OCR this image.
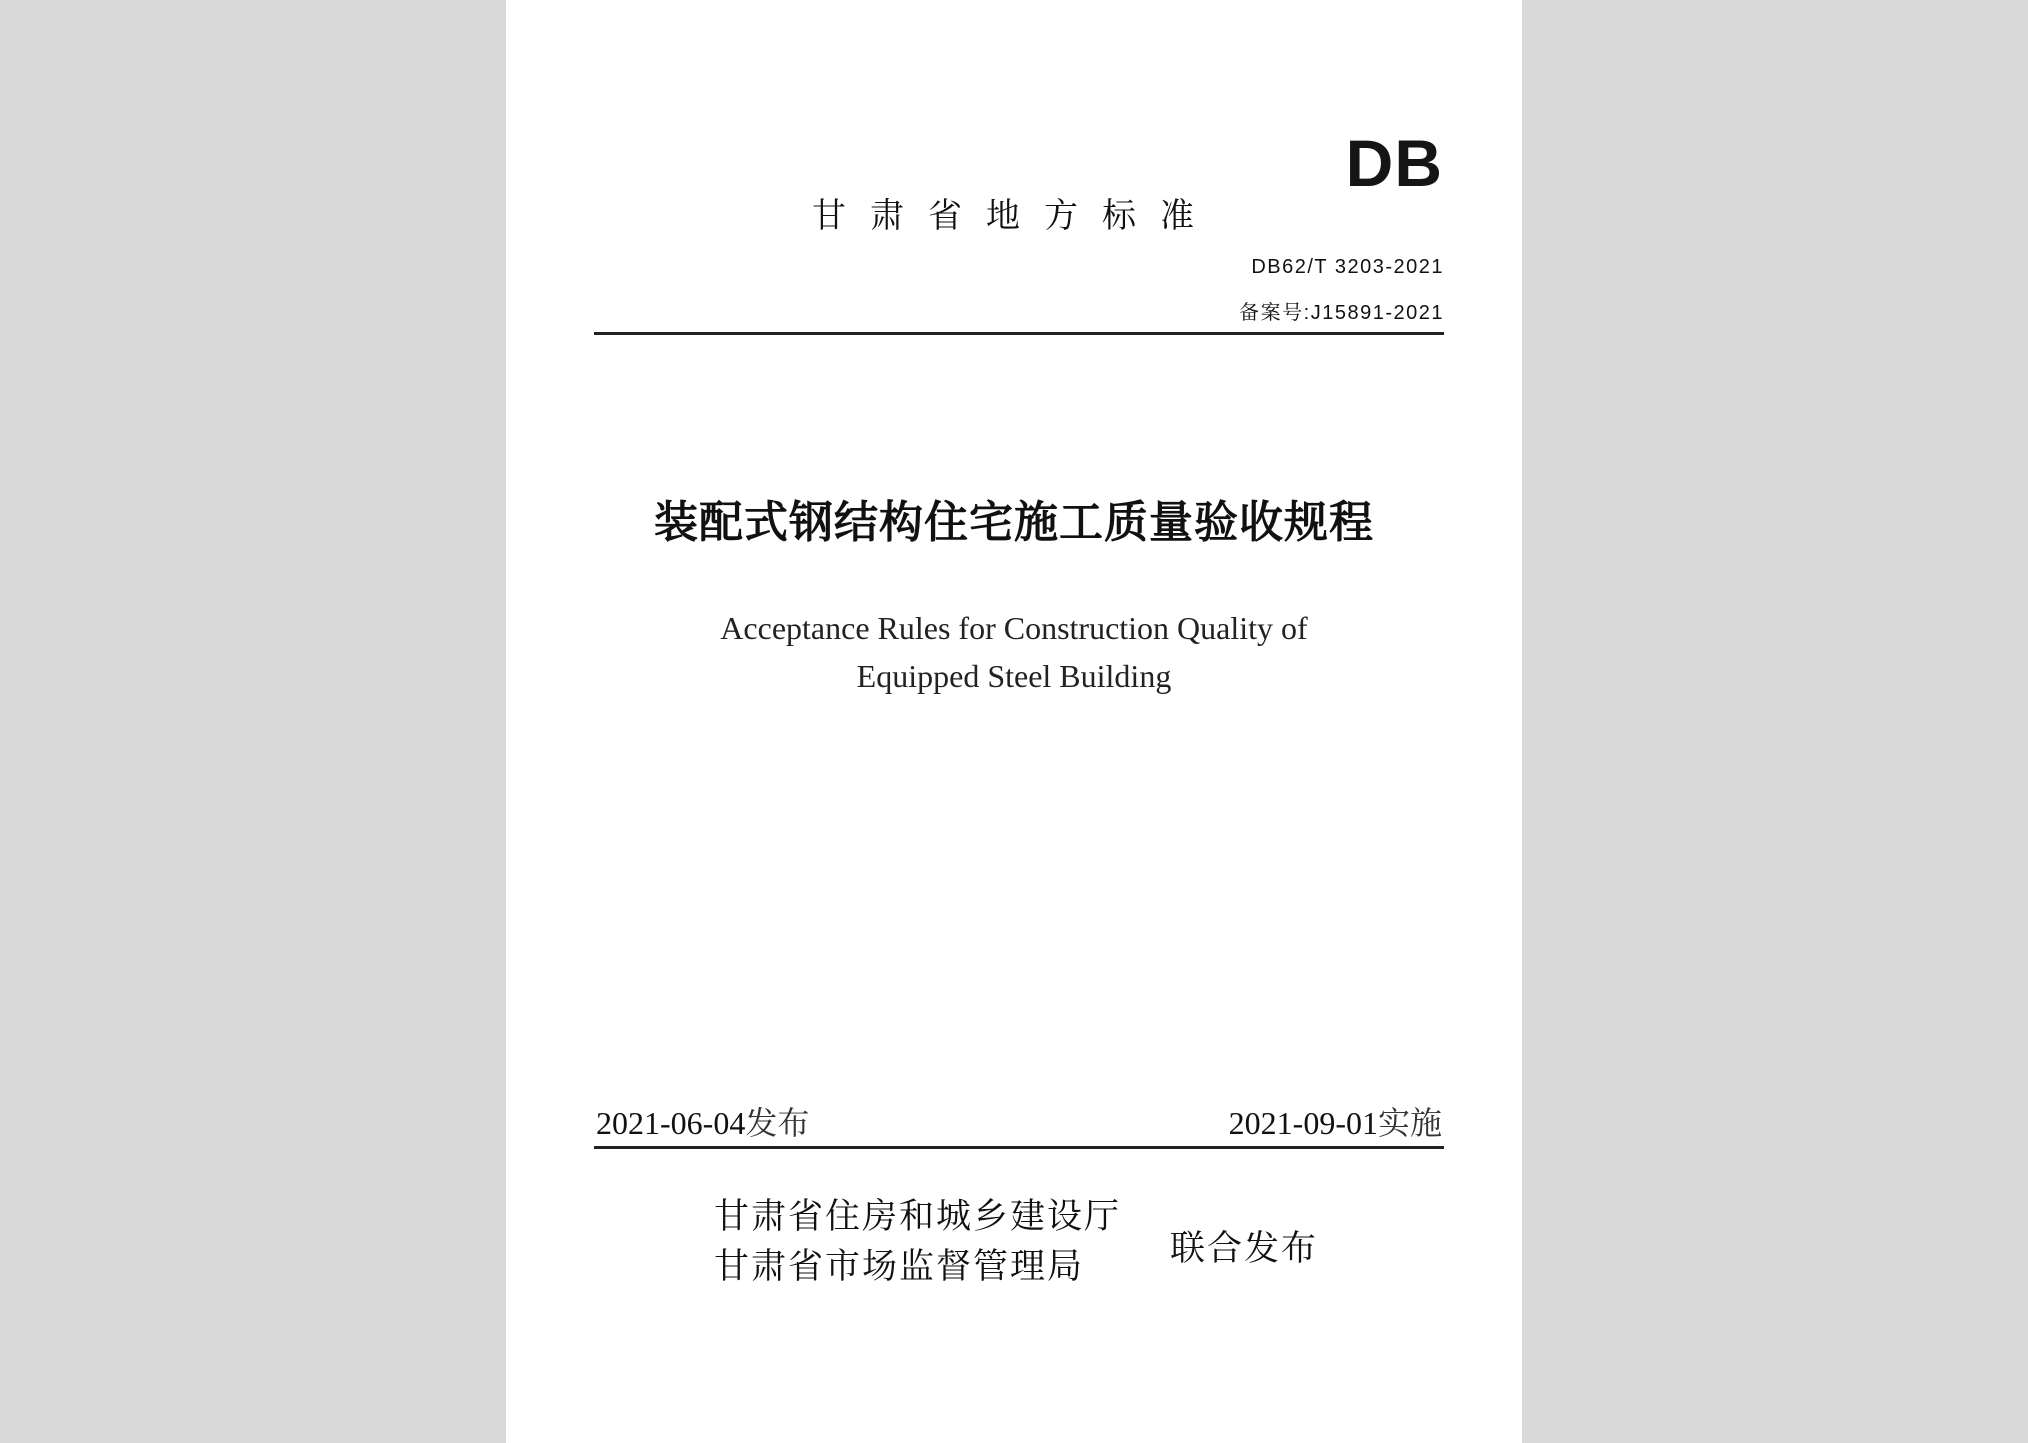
DB
甘肃省地方标准
DB62/T 3203-2021
备案号:J15891-2021
装配式钢结构住宅施工质量验收规程
Acceptance Rules for Construction Quality of
Equipped Steel Building
2021-06-04发布	2021-09-01实施
甘肃省住房和城乡建设厅
甘肃省市场监督管理局	联合发布
